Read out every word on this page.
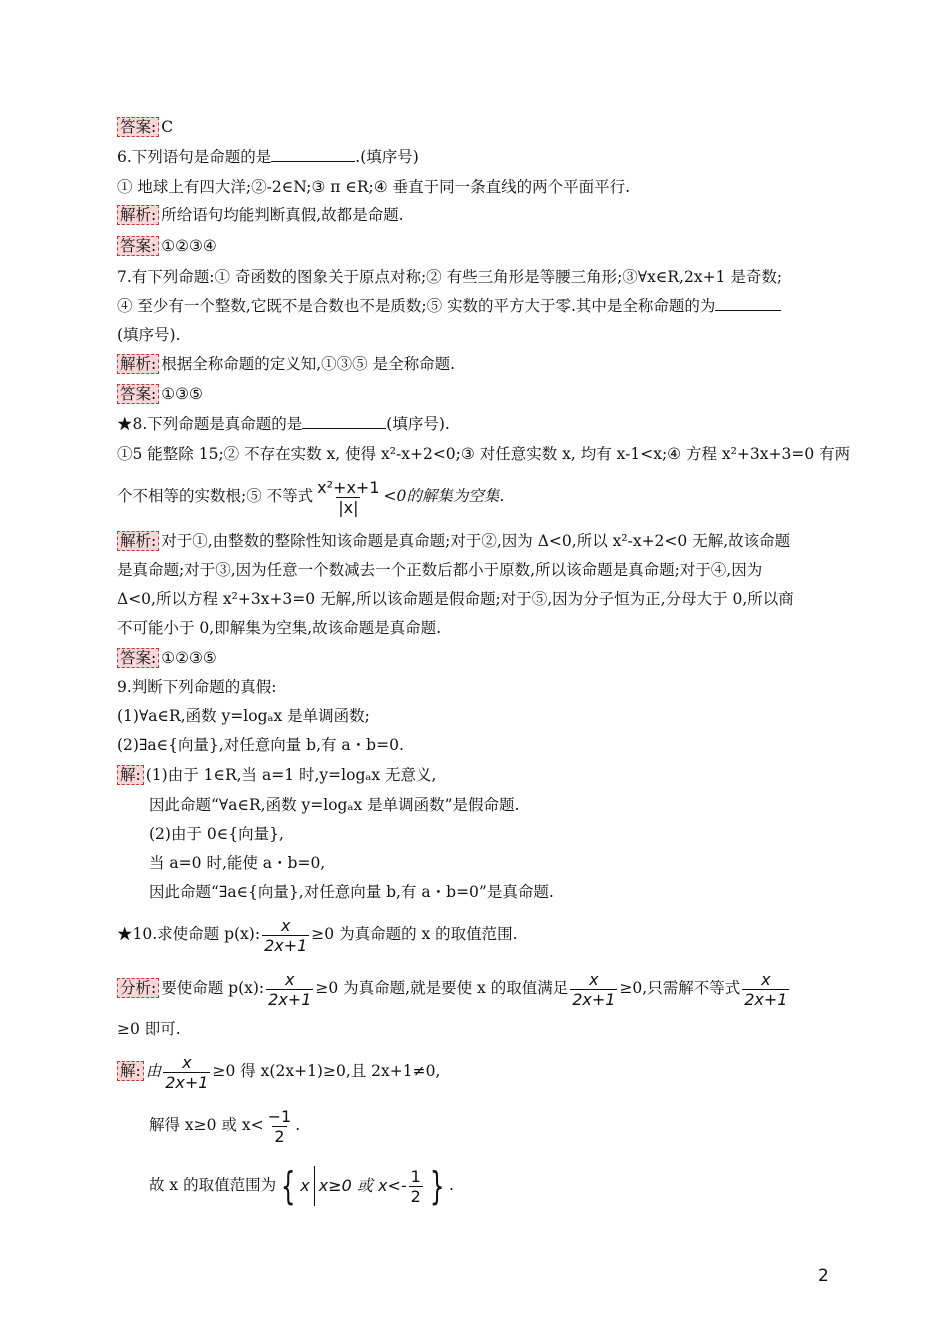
答案: C
6.下列语句是命题的是	.(填序号)
① 地球上有四大洋;②-2∈N;③ π ∈R;④ 垂直于同一条直线的两个平面平行.
解析: 所给语句均能判断真假,故都是命题.
答案: ①②③④
7.有下列命题:① 奇函数的图象关于原点对称;② 有些三角形是等腰三角形;③∀x∈R,2x+1 是奇数;
④ 至少有一个整数,它既不是合数也不是质数;⑤ 实数的平方大于零.其中是全称命题的为
(填序号).
解析: 根据全称命题的定义知,①③⑤ 是全称命题.
答案: ①③⑤
★8.下列命题是真命题的是	(填序号).
①5 能整除 15;② 不存在实数 x, 使得 x²-x+2<0;③ 对任意实数 x, 均有 x-1<x;④ 方程 x²+3x+3=0 有两
个不相等的实数根;⑤ 不等式 $\frac{\text{x²+x+1}}{|x|} <0$的解集为空集.
解析: 对于①,由整数的整除性知该命题是真命题;对于②,因为 Δ<0,所以 x²-x+2<0 无解,故该命题
是真命题;对于③,因为任意一个数减去一个正数后都小于原数,所以该命题是真命题;对于④,因为
Δ<0,所以方程 x²+3x+3=0 无解,所以该命题是假命题;对于⑤,因为分子恒为正,分母大于 0,所以商
不可能小于 0,即解集为空集,故该命题是真命题.
答案: ①②③⑤
9.判断下列命题的真假:
(1)∀a∈R,函数 y=logₐx 是单调函数;
(2)∃a∈{向量},对任意向量 b,有 a・b=0.
解: (1)由于 1∈R,当 a=1 时,y=logₐx 无意义,
因此命题“∀a∈R,函数 y=logₐx 是单调函数”是假命题.
(2)由于 0∈{向量},
当 a=0 时,能使 a・b=0,
因此命题“∃a∈{向量},对任意向量 b,有 a・b=0”是真命题.
★10.求使命题 p(x): $\frac{x}{2x+1} \ge 0$ 为真命题的 x 的取值范围.
分析: 要使命题 p(x): $\frac{x}{2x+1} \ge 0$ 为真命题,就是要使 x 的取值满足 $\frac{x}{2x+1} \ge 0$,只需解不等式 $\frac{x}{2x+1}$
≥0 即可.
解: 由 $\frac{x}{2x+1} \ge 0$ 得 x(2x+1)≥0,且 2x+1≠0,
解得 x≥0 或 $x< \frac{-1}{2}$ .
故 x 的取值范围为 { x x≥0 或 $x<- \frac{1}{2}$ } .
2
